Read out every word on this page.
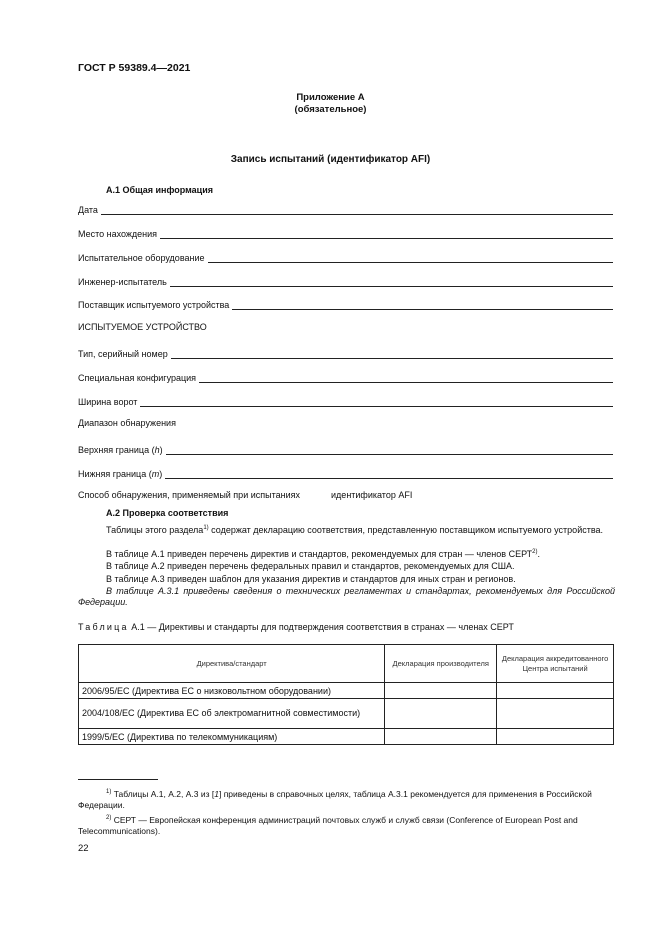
ГОСТ Р 59389.4—2021
Приложение А
(обязательное)
Запись испытаний (идентификатор AFI)
А.1 Общая информация
Дата
Место нахождения
Испытательное оборудование
Инженер-испытатель
Поставщик испытуемого устройства
ИСПЫТУЕМОЕ УСТРОЙСТВО
Тип, серийный номер
Специальная конфигурация
Ширина ворот
Диапазон обнаружения
Верхняя граница (h)
Нижняя граница (m)
Способ обнаружения, применяемый при испытаниях	идентификатор AFI
А.2 Проверка соответствия
Таблицы этого раздела$^{1)}$ содержат декларацию соответствия, представленную поставщиком испытуемого устройства.
В таблице А.1 приведен перечень директив и стандартов, рекомендуемых для стран — членов СЕРТ$^{2)}$.
В таблице А.2 приведен перечень федеральных правил и стандартов, рекомендуемых для США.
В таблице А.3 приведен шаблон для указания директив и стандартов для иных стран и регионов.
В таблице А.3.1 приведены сведения о технических регламентах и стандартах, рекомендуемых для Российской Федерации.
Таблица А.1 — Директивы и стандарты для подтверждения соответствия в странах — членах СЕРТ
Директива/стандарт	Декларация производителя	Декларация аккредитованного Центра испытаний
2006/95/ЕС (Директива ЕС о низковольтном оборудовании)		
2004/108/ЕС (Директива ЕС об электромагнитной совместимости)		
1999/5/ЕС (Директива по телекоммуникациям)		
$^{1)}$ Таблицы А.1, А.2, А.3 из [1] приведены в справочных целях, таблица А.3.1 рекомендуется для применения в Российской Федерации.
$^{2)}$ СЕРТ — Европейская конференция администраций почтовых служб и служб связи (Conference of European Post and Telecommunications).
22
